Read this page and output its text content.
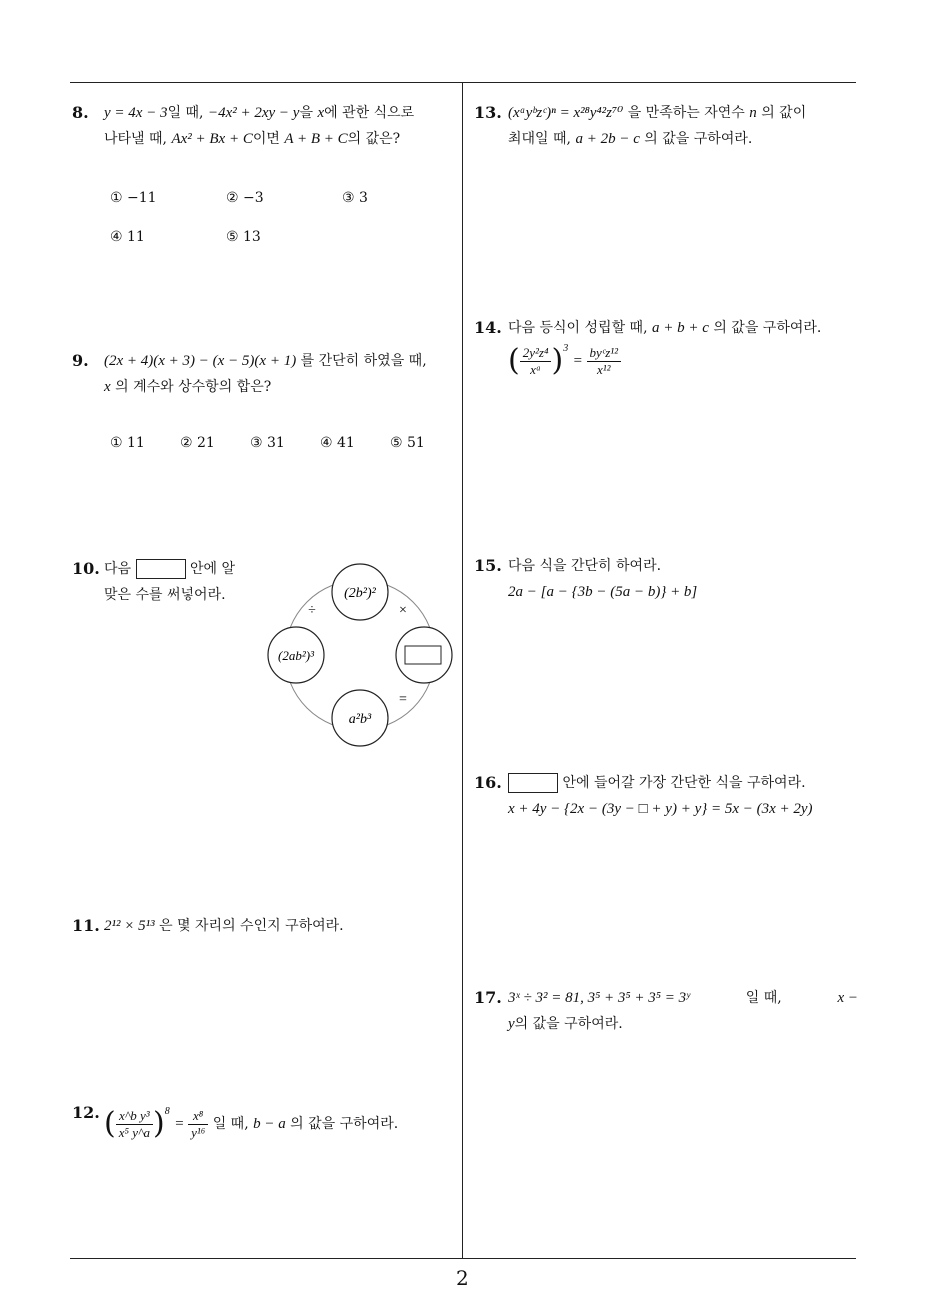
2
8. y = 4x − 3일 때, −4x² + 2xy − y을 x에 관한 식으로
나타낼 때, Ax² + Bx + C이면 A + B + C의 값은?
① −11	② −3	③ 3
④ 11	⑤ 13
9. (2x + 4)(x + 3) − (x − 5)(x + 1) 를 간단히 하였을 때,
x 의 계수와 상수항의 합은?
① 11	② 21	③ 31	④ 41	⑤ 51
10. 다음	안에 알
맞은 수를 써넣어라.	(2b²)²
(2ab²)³
a²b³
÷	×
=
11. 2¹² × 5¹³ 은 몇 자리의 수인지 구하여라.
12. ( $\frac{\text{x\textasciicircum{}b y³}}{\text{x⁵ y\textasciicircum{}a}} )^8 = \frac{\text{x⁸}}{\text{y¹⁶}}$ 일 때, b − a 의 값을 구하여라.
13. (xᵃyᵇzᶜ)ⁿ = x²⁸y⁴²z⁷⁰ 을 만족하는 자연수 n 의 값이
최대일 때, a + 2b − c 의 값을 구하여라.
14. 다음 등식이 성립할 때, a + b + c 의 값을 구하여라.
( $\frac{\text{2y²z⁴}}{\text{xᵃ}} )^3 = \frac{\text{byᶜz¹²}}{\text{x¹²}}$
15. 다음 식을 간단히 하여라.
2a − [a − {3b − (5a − b)} + b]
16.	안에 들어갈 가장 간단한 식을 구하여라.
x + 4y − {2x − (3y − □ + y) + y} = 5x − (3x + 2y)
17. 3ˣ ÷ 3² = 81, 3⁵ + 3⁵ + 3⁵ = 3ʸ	일 때,	x −
y의 값을 구하여라.
